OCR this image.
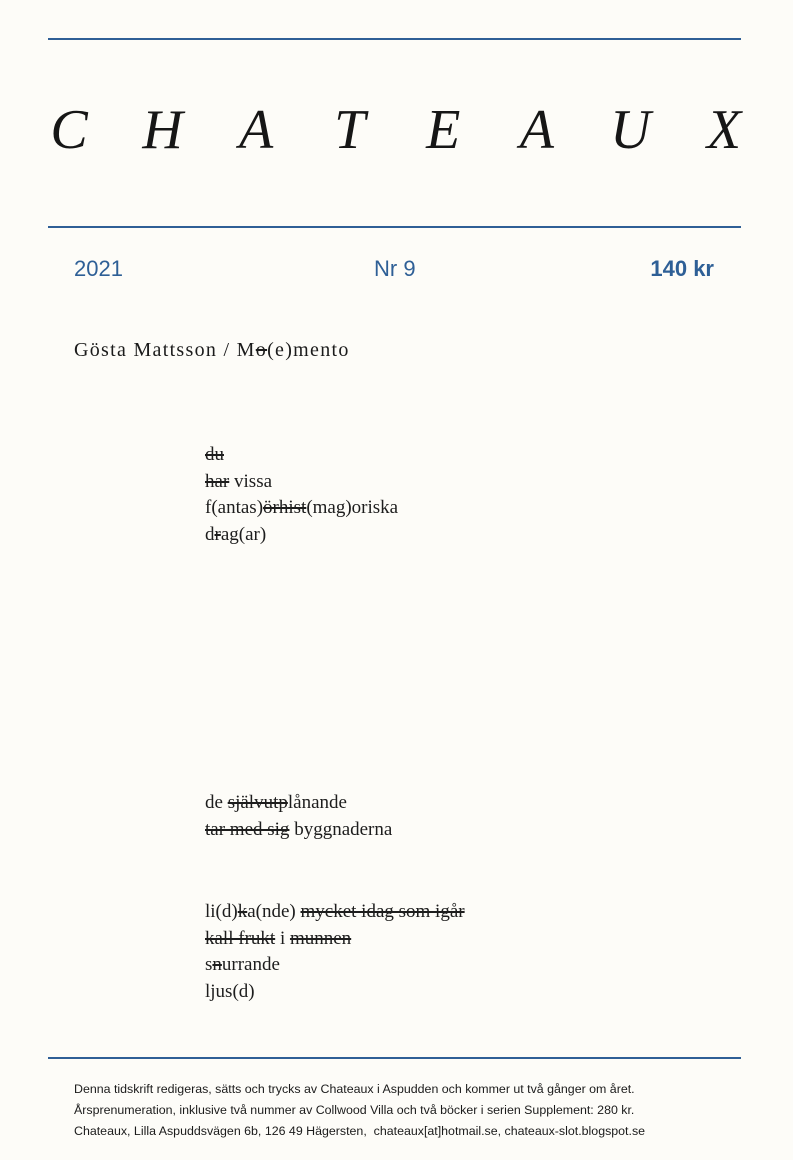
C H A T E A U X
2021	Nr 9	140 kr
Gösta Mattsson / Mo(e)mento
du
har vissa
f(antas)örhist(mag)oriska
drag(ar)
de självutplånande
tar med sig byggnaderna
li(d)ka(nde) mycket idag som igår
kall frukt i munnen
snurrande
ljus(d)
Denna tidskrift redigeras, sätts och trycks av Chateaux i Aspudden och kommer ut två gånger om året.
Årsprenumeration, inklusive två nummer av Collwood Villa och två böcker i serien Supplement: 280 kr.
Chateaux, Lilla Aspuddsvägen 6b, 126 49 Hägersten,  chateaux[at]hotmail.se, chateaux-slot.blogspot.se
